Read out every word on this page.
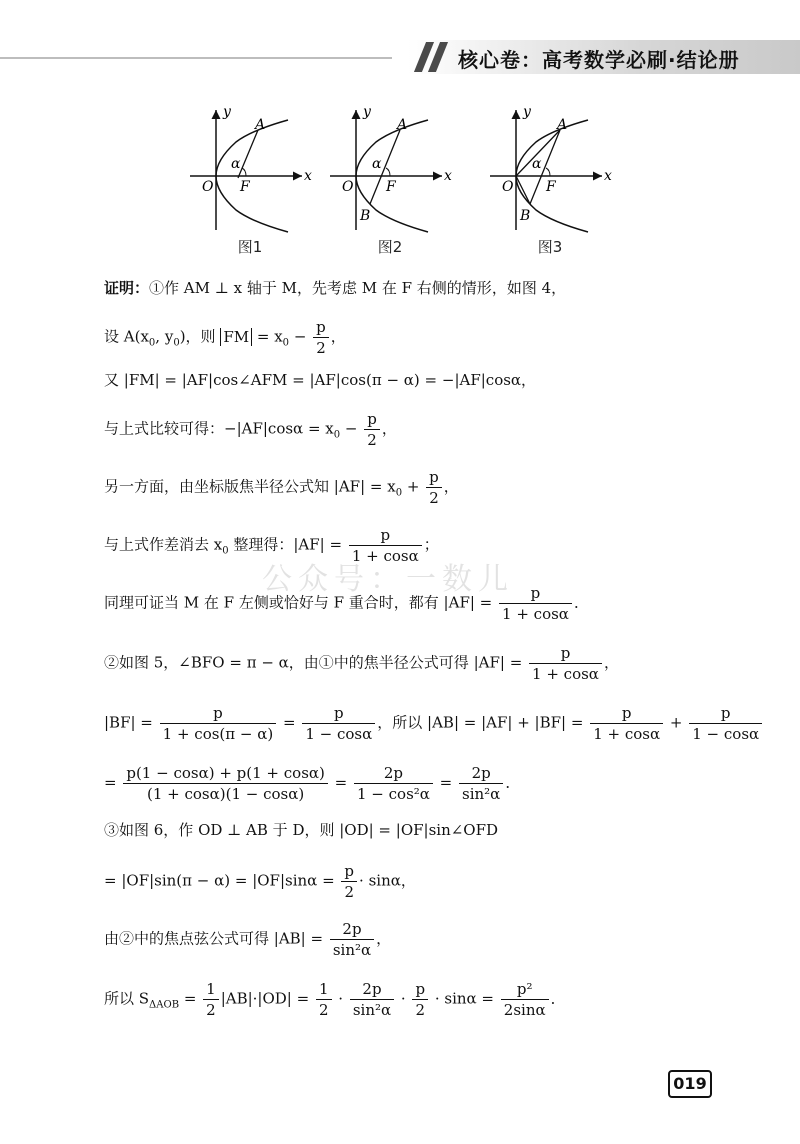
核心卷：高考数学必刷·结论册
y
x
O F
A
α
y
x
O F
A
B
α
y
x
O F
A
B
α
图1	图2	图3
公众号：一数儿
证明：①作 AM ⊥ x 轴于 M，先考虑 M 在 F 右侧的情形，如图 4，
设 $A(x_0$, $y_0$)，则 FM = $x_0 - \frac{p}{2}$ ，
又 |FM| = |AF|cos∠AFM = |AF|cos(π − α) = −|AF|cosα，
与上式比较可得：$-|AF|\cos\alpha = x_0 - \frac{p}{2}$ ，
另一方面，由坐标版焦半径公式知 $|AF| = x_0 + \frac{p}{2}$ ，
与上式作差消去 $x_0$ 整理得：$|AF| = \frac{p}{1 + \cos\alpha}$ ；
同理可证当 M 在 F 左侧或恰好与 F 重合时，都有 $|AF| = \frac{p}{1 + \cos\alpha}$ ．
②如图 5，∠BFO = π − α，由①中的焦半径公式可得 $|AF| = \frac{p}{1 + \cos\alpha}$ ，
$|BF| = \frac{p}{1 + \cos(\pi - \alpha)} = \frac{p}{1 - \cos\alpha}$ ，所以 $|AB| = |AF| + |BF| = \frac{p}{1 + \cos\alpha} + \frac{p}{1 - \cos\alpha}$
= $\frac{p(1 - \cos\alpha) + p(1 + \cos\alpha)}{(1 + \cos\alpha)(1 - \cos\alpha)} = \frac{2p}{\text{1 − cos²α}} = \frac{2p}{\text{sin²α}}$ ．
③如图 6，作 OD ⊥ AB 于 D，则 |OD| = |OF|sin∠OFD
= $|OF|\sin(\pi - \alpha) = |OF|\sin\alpha = \frac{p}{2} \cdot \sin\alpha$，
由②中的焦点弦公式可得 $|AB| = \frac{2p}{\text{sin²α}}$ ，
所以 $S_{\Delta AOB} = \frac{1}{2} |AB|\cdot|OD| = \frac{1}{2} \cdot \frac{2p}{\text{sin²α}} \cdot \frac{p}{2} \cdot \sin\alpha = \frac{\text{p²}}{2\sin\alpha}$ ．
019
